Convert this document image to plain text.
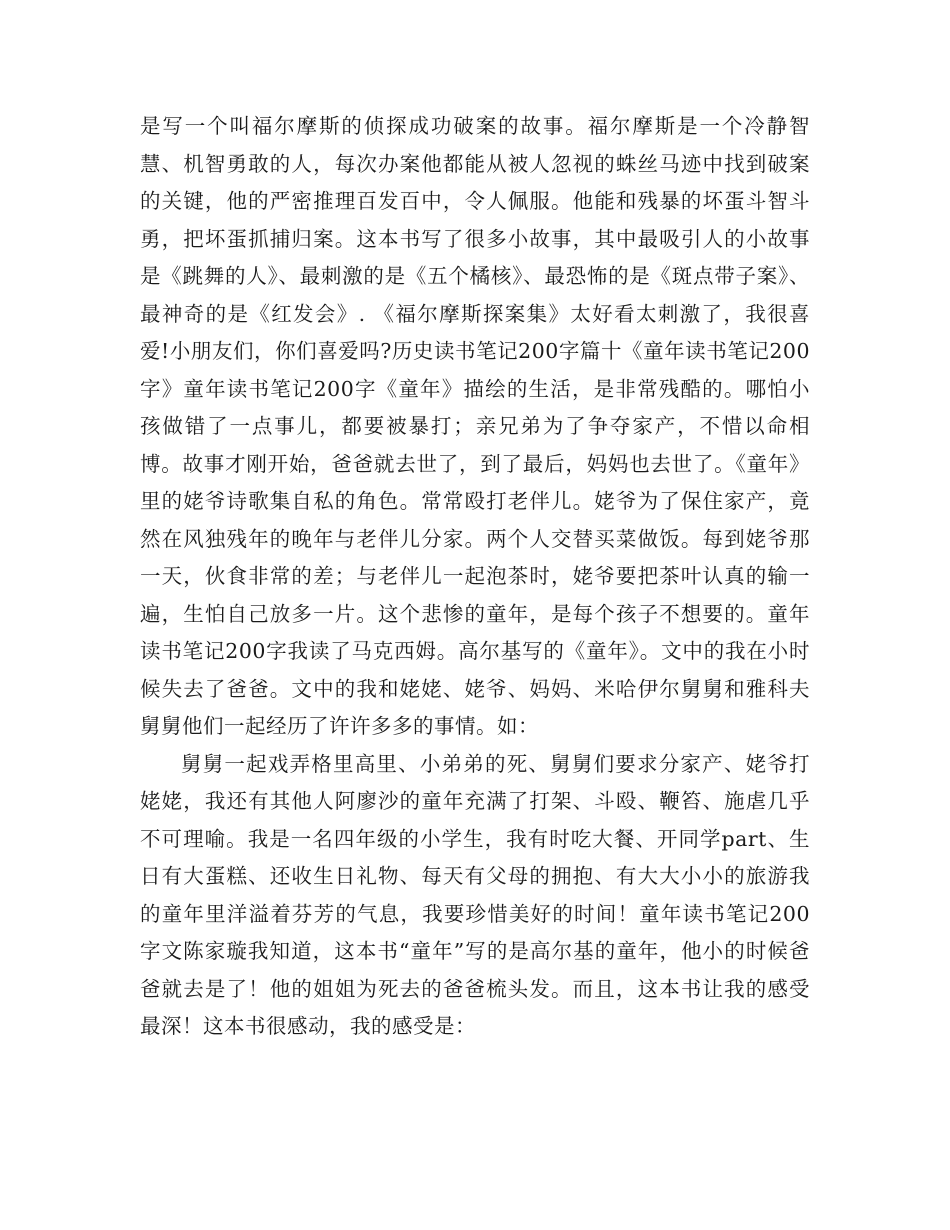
是写一个叫福尔摩斯的侦探成功破案的故事。福尔摩斯是一个冷静智慧、机智勇敢的人，每次办案他都能从被人忽视的蛛丝马迹中找到破案的关键，他的严密推理百发百中，令人佩服。他能和残暴的坏蛋斗智斗勇，把坏蛋抓捕归案。这本书写了很多小故事，其中最吸引人的小故事是《跳舞的人》、最刺激的是《五个橘核》、最恐怖的是《斑点带子案》、最神奇的是《红发会》. 《福尔摩斯探案集》太好看太刺激了，我很喜爱!小朋友们，你们喜爱吗?历史读书笔记200字篇十《童年读书笔记200字》童年读书笔记200字《童年》描绘的生活，是非常残酷的。哪怕小孩做错了一点事儿，都要被暴打；亲兄弟为了争夺家产，不惜以命相博。故事才刚开始，爸爸就去世了，到了最后，妈妈也去世了。《童年》里的姥爷诗歌集自私的角色。常常殴打老伴儿。姥爷为了保住家产，竟然在风独残年的晚年与老伴儿分家。两个人交替买菜做饭。每到姥爷那一天，伙食非常的差；与老伴儿一起泡茶时，姥爷要把茶叶认真的输一遍，生怕自己放多一片。这个悲惨的童年，是每个孩子不想要的。童年读书笔记200字我读了马克西姆。高尔基写的《童年》。文中的我在小时候失去了爸爸。文中的我和姥姥、姥爷、妈妈、米哈伊尔舅舅和雅科夫舅舅他们一起经历了许许多多的事情。如：

舅舅一起戏弄格里高里、小弟弟的死、舅舅们要求分家产、姥爷打姥姥，我还有其他人阿廖沙的童年充满了打架、斗殴、鞭笞、施虐几乎不可理喻。我是一名四年级的小学生，我有时吃大餐、开同学part、生日有大蛋糕、还收生日礼物、每天有父母的拥抱、有大大小小的旅游我的童年里洋溢着芬芳的气息，我要珍惜美好的时间！童年读书笔记200字文陈家璇我知道，这本书“童年”写的是高尔基的童年，他小的时候爸爸就去是了！他的姐姐为死去的爸爸梳头发。而且，这本书让我的感受最深！这本书很感动，我的感受是：
